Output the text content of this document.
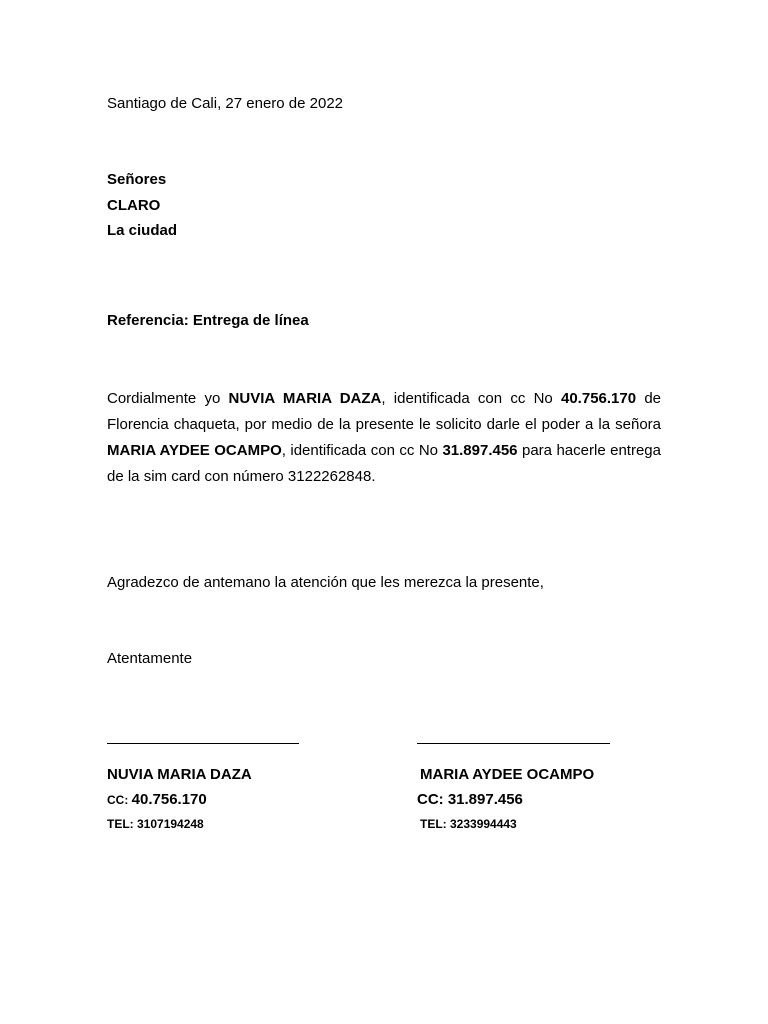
Santiago de Cali, 27 enero de 2022
Señores
CLARO
La ciudad
Referencia: Entrega de línea
Cordialmente yo NUVIA MARIA DAZA, identificada con cc No 40.756.170 de Florencia chaqueta, por medio de la presente le solicito darle el poder a la señora MARIA AYDEE OCAMPO, identificada con cc No 31.897.456 para hacerle entrega de la sim card con número 3122262848.
Agradezco de antemano la atención que les merezca la presente,
Atentamente
NUVIA MARIA DAZA
CC: 40.756.170
TEL: 3107194248
MARIA AYDEE OCAMPO
CC: 31.897.456
TEL: 3233994443
